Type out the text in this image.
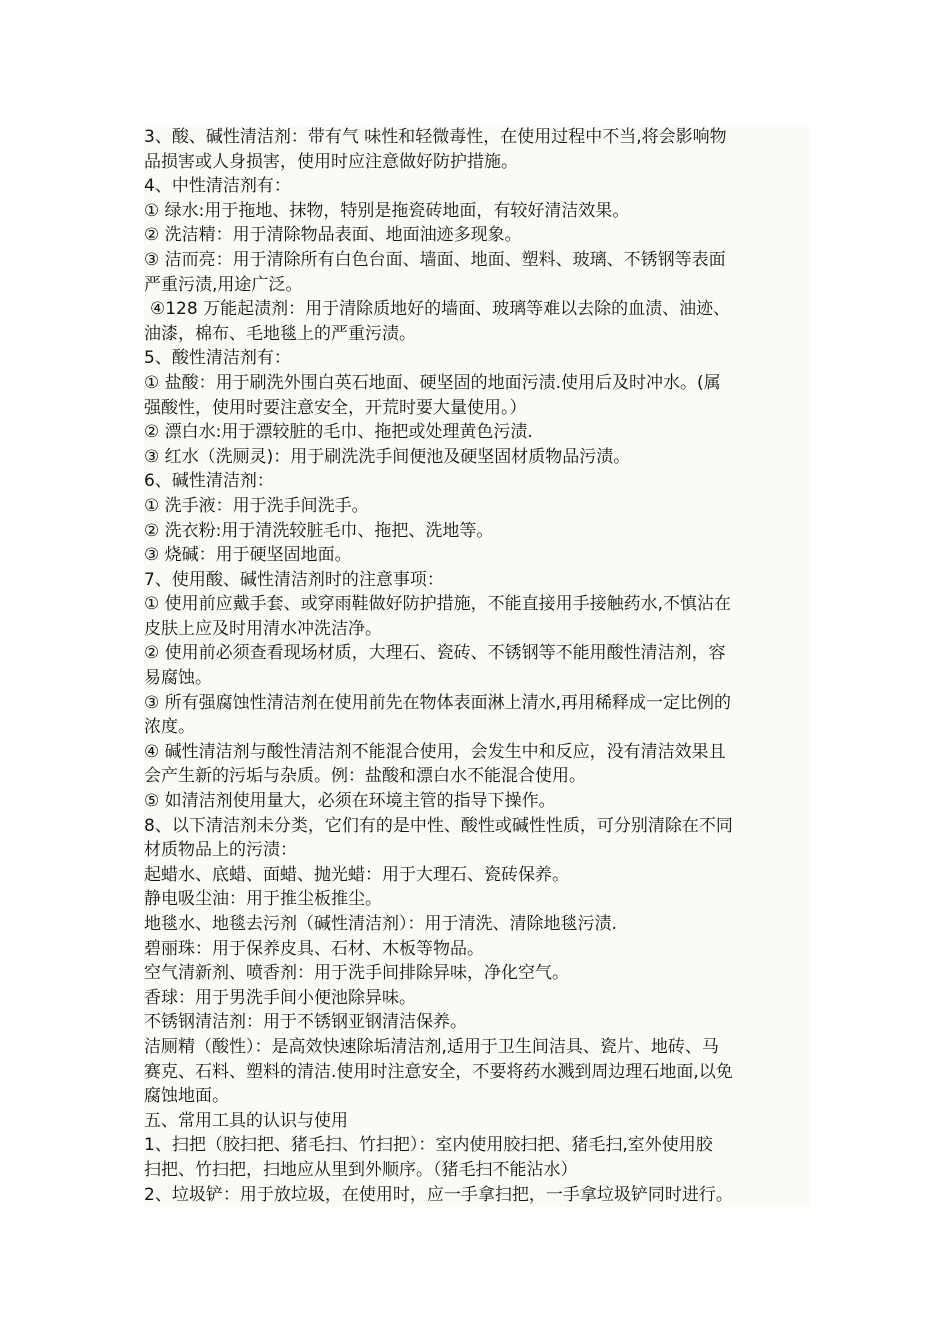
3、酸、碱性清洁剂：带有气 味性和轻微毒性，在使用过程中不当,将会影响物
品损害或人身损害，使用时应注意做好防护措施。
4、中性清洁剂有：
① 绿水:用于拖地、抹物，特别是拖瓷砖地面，有较好清洁效果。
② 洗洁精：用于清除物品表面、地面油迹多现象。
③ 洁而亮：用于清除所有白色台面、墙面、地面、塑料、玻璃、不锈钢等表面
严重污渍,用途广泛。
④128 万能起渍剂：用于清除质地好的墙面、玻璃等难以去除的血渍、油迹、
油漆，棉布、毛地毯上的严重污渍。
5、酸性清洁剂有：
① 盐酸：用于刷洗外围白英石地面、硬坚固的地面污渍.使用后及时冲水。(属
强酸性，使用时要注意安全，开荒时要大量使用。）
② 漂白水:用于漂较脏的毛巾、拖把或处理黄色污渍.
③ 红水（洗厕灵)：用于刷洗洗手间便池及硬坚固材质物品污渍。
6、碱性清洁剂：
① 洗手液：用于洗手间洗手。
② 洗衣粉:用于清洗较脏毛巾、拖把、洗地等。
③ 烧碱：用于硬坚固地面。
7、使用酸、碱性清洁剂时的注意事项：
① 使用前应戴手套、或穿雨鞋做好防护措施，不能直接用手接触药水,不慎沾在
皮肤上应及时用清水冲洗洁净。
② 使用前必须查看现场材质，大理石、瓷砖、不锈钢等不能用酸性清洁剂，容
易腐蚀。
③ 所有强腐蚀性清洁剂在使用前先在物体表面淋上清水,再用稀释成一定比例的
浓度。
④ 碱性清洁剂与酸性清洁剂不能混合使用，会发生中和反应，没有清洁效果且
会产生新的污垢与杂质。例：盐酸和漂白水不能混合使用。
⑤ 如清洁剂使用量大，必须在环境主管的指导下操作。
8、以下清洁剂未分类，它们有的是中性、酸性或碱性性质，可分别清除在不同
材质物品上的污渍：
起蜡水、底蜡、面蜡、抛光蜡：用于大理石、瓷砖保养。
静电吸尘油：用于推尘板推尘。
地毯水、地毯去污剂（碱性清洁剂）：用于清洗、清除地毯污渍.
碧丽珠：用于保养皮具、石材、木板等物品。
空气清新剂、喷香剂：用于洗手间排除异味，净化空气。
香球：用于男洗手间小便池除异味。
不锈钢清洁剂：用于不锈钢亚钢清洁保养。
洁厕精（酸性）：是高效快速除垢清洁剂,适用于卫生间洁具、瓷片、地砖、马
赛克、石料、塑料的清洁.使用时注意安全，不要将药水溅到周边理石地面,以免
腐蚀地面。
五、常用工具的认识与使用
1、扫把（胶扫把、猪毛扫、竹扫把）：室内使用胶扫把、猪毛扫,室外使用胶
扫把、竹扫把，扫地应从里到外顺序。（猪毛扫不能沾水）
2、垃圾铲：用于放垃圾，在使用时，应一手拿扫把，一手拿垃圾铲同时进行。
